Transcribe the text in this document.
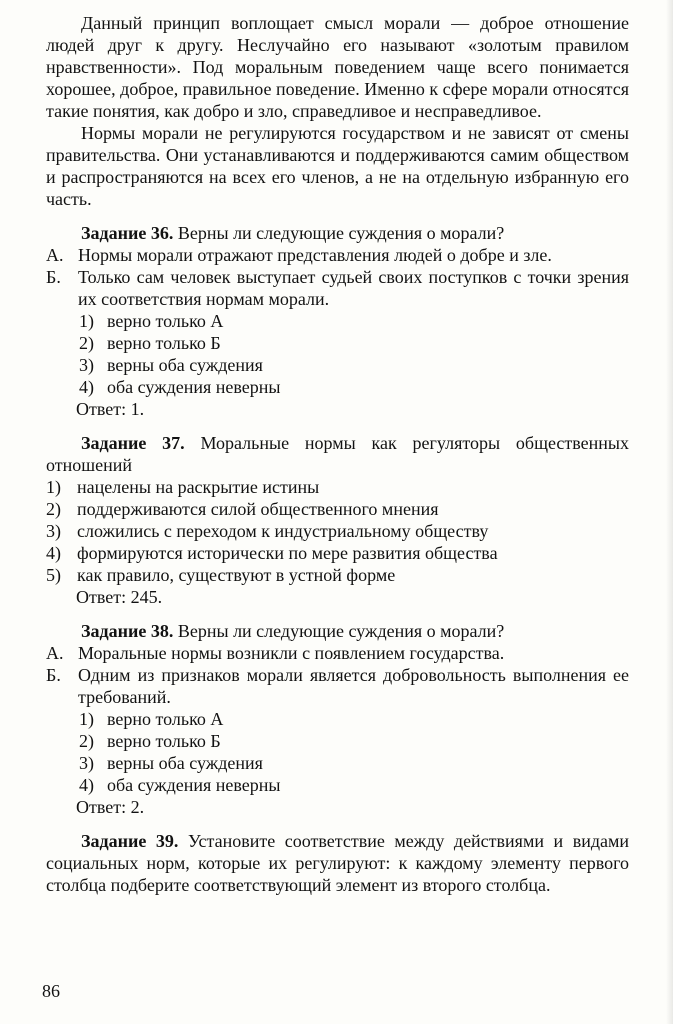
Данный принцип воплощает смысл морали — доброе отношение людей друг к другу. Неслучайно его называют «золотым правилом нравственности». Под моральным поведением чаще всего понимается хорошее, доброе, правильное поведение. Именно к сфере морали относятся такие понятия, как добро и зло, справедливое и несправедливое.

Нормы морали не регулируются государством и не зависят от смены правительства. Они устанавливаются и поддерживаются самим обществом и распространяются на всех его членов, а не на отдельную избранную его часть.

Задание 36. Верны ли следующие суждения о морали?

А. Нормы морали отражают представления людей о добре и зле.

Б. Только сам человек выступает судьей своих поступков с точки зрения их соответствия нормам морали.

1) верно только А

2) верно только Б

3) верны оба суждения

4) оба суждения неверны

Ответ: 1.

Задание 37. Моральные нормы как регуляторы общественных отношений

1) нацелены на раскрытие истины

2) поддерживаются силой общественного мнения

3) сложились с переходом к индустриальному обществу

4) формируются исторически по мере развития общества

5) как правило, существуют в устной форме

Ответ: 245.

Задание 38. Верны ли следующие суждения о морали?

А. Моральные нормы возникли с появлением государства.

Б. Одним из признаков морали является добровольность выполнения ее требований.

1) верно только А

2) верно только Б

3) верны оба суждения

4) оба суждения неверны

Ответ: 2.

Задание 39. Установите соответствие между действиями и видами социальных норм, которые их регулируют: к каждому элементу первого столбца подберите соответствующий элемент из второго столбца.

86
